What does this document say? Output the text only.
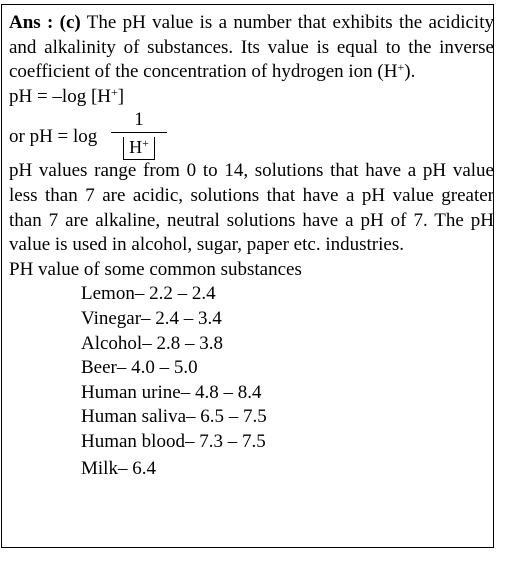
Ans : (c) The pH value is a number that exhibits the acidicity and alkalinity of substances. Its value is equal to the inverse coefficient of the concentration of hydrogen ion (H+).

pH = –log [H+]
or pH = log
1
H+

pH values range from 0 to 14, solutions that have a pH value less than 7 are acidic, solutions that have a pH value greater than 7 are alkaline, neutral solutions have a pH of 7. The pH value is used in alcohol, sugar, paper etc. industries.

PH value of some common substances
Lemon– 2.2 – 2.4
Vinegar– 2.4 – 3.4
Alcohol– 2.8 – 3.8
Beer– 4.0 – 5.0
Human urine– 4.8 – 8.4
Human saliva– 6.5 – 7.5
Human blood– 7.3 – 7.5
Milk– 6.4
